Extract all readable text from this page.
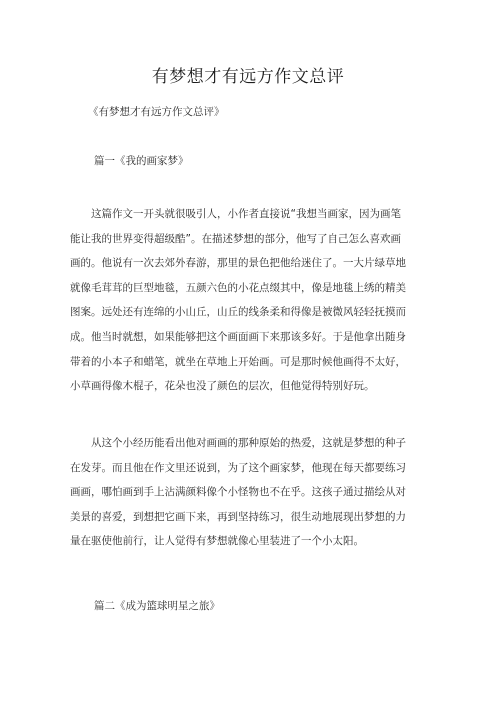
有梦想才有远方作文总评
《有梦想才有远方作文总评》
篇一《我的画家梦》
这篇作文一开头就很吸引人，小作者直接说“我想当画家，因为画笔
能让我的世界变得超级酷”。在描述梦想的部分，他写了自己怎么喜欢画
画的。他说有一次去郊外春游，那里的景色把他给迷住了。一大片绿草地
就像毛茸茸的巨型地毯，五颜六色的小花点缀其中，像是地毯上绣的精美
图案。远处还有连绵的小山丘，山丘的线条柔和得像是被微风轻轻抚摸而
成。他当时就想，如果能够把这个画面画下来那该多好。于是他拿出随身
带着的小本子和蜡笔，就坐在草地上开始画。可是那时候他画得不太好，
小草画得像木棍子，花朵也没了颜色的层次，但他觉得特别好玩。
从这个小经历能看出他对画画的那种原始的热爱，这就是梦想的种子
在发芽。而且他在作文里还说到，为了这个画家梦，他现在每天都要练习
画画，哪怕画到手上沾满颜料像个小怪物也不在乎。这孩子通过描绘从对
美景的喜爱，到想把它画下来，再到坚持练习，很生动地展现出梦想的力
量在驱使他前行，让人觉得有梦想就像心里装进了一个小太阳。
篇二《成为篮球明星之旅》
